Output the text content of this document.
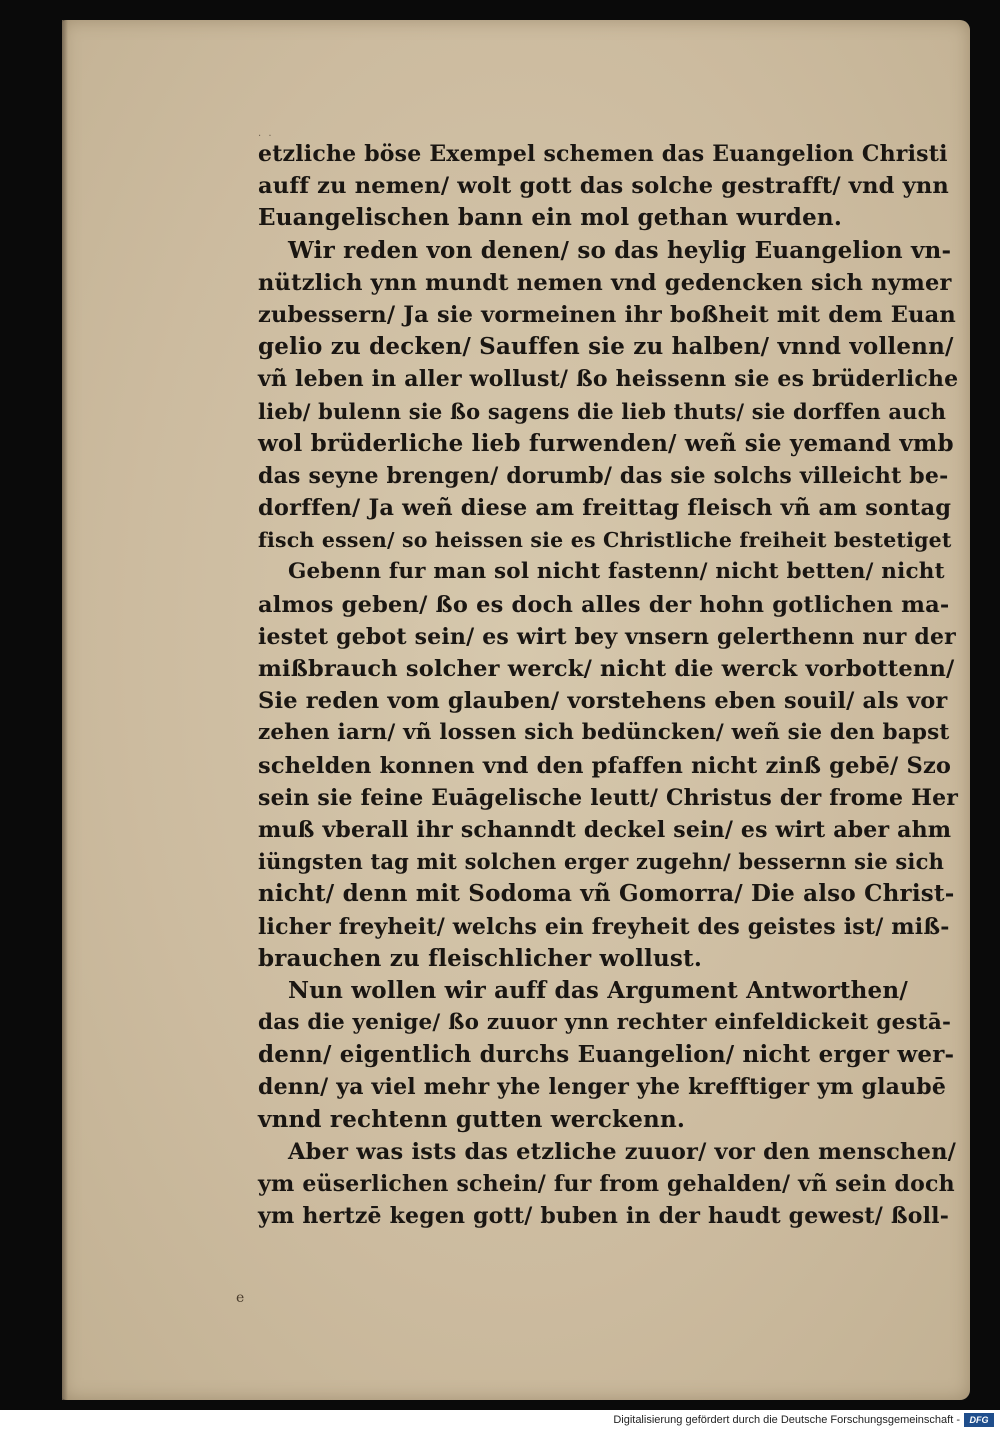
. .
etzliche böse Exempel schemen das Euangelion Christi
auff zu nemen/ wolt gott das solche gestrafft/ vnd ynn
Euangelischen bann ein mol gethan wurden.
Wir reden von denen/ so das heylig Euangelion vn-
nützlich ynn mundt nemen vnd gedencken sich nymer
zubessern/ Ja sie vormeinen ihr boßheit mit dem Euan
gelio zu decken/ Sauffen sie zu halben/ vnnd vollenn/
vñ leben in aller wollust/ ßo heissenn sie es brüderliche
lieb/ bulenn sie ßo sagens die lieb thuts/ sie dorffen auch
wol brüderliche lieb furwenden/ weñ sie yemand vmb
das seyne brengen/ dorumb/ das sie solchs villeicht be-
dorffen/ Ja weñ diese am freittag fleisch vñ am sontag
fisch essen/ so heissen sie es Christliche freiheit bestetiget
Gebenn fur man sol nicht fastenn/ nicht betten/ nicht
almos geben/ ßo es doch alles der hohn gotlichen ma-
iestet gebot sein/ es wirt bey vnsern gelerthenn nur der
mißbrauch solcher werck/ nicht die werck vorbottenn/
Sie reden vom glauben/ vorstehens eben souil/ als vor
zehen iarn/ vñ lossen sich bedüncken/ weñ sie den bapst
schelden konnen vnd den pfaffen nicht zinß gebē/ Szo
sein sie feine Euāgelische leutt/ Christus der frome Her
muß vberall ihr schanndt deckel sein/ es wirt aber ahm
iüngsten tag mit solchen erger zugehn/ bessernn sie sich
nicht/ denn mit Sodoma vñ Gomorra/ Die also Christ-
licher freyheit/ welchs ein freyheit des geistes ist/ miß-
brauchen zu fleischlicher wollust.
Nun wollen wir auff das Argument Antworthen/
das die yenige/ ßo zuuor ynn rechter einfeldickeit gestā-
denn/ eigentlich durchs Euangelion/ nicht erger wer-
denn/ ya viel mehr yhe lenger yhe krefftiger ym glaubē
vnnd rechtenn gutten werckenn.
Aber was ists das etzliche zuuor/ vor den menschen/
ym eüserlichen schein/ fur from gehalden/ vñ sein doch
ym hertzē kegen gott/ buben in der haudt gewest/ ßoll-
e
Digitalisierung gefördert durch die Deutsche Forschungsgemeinschaft -	DFG
